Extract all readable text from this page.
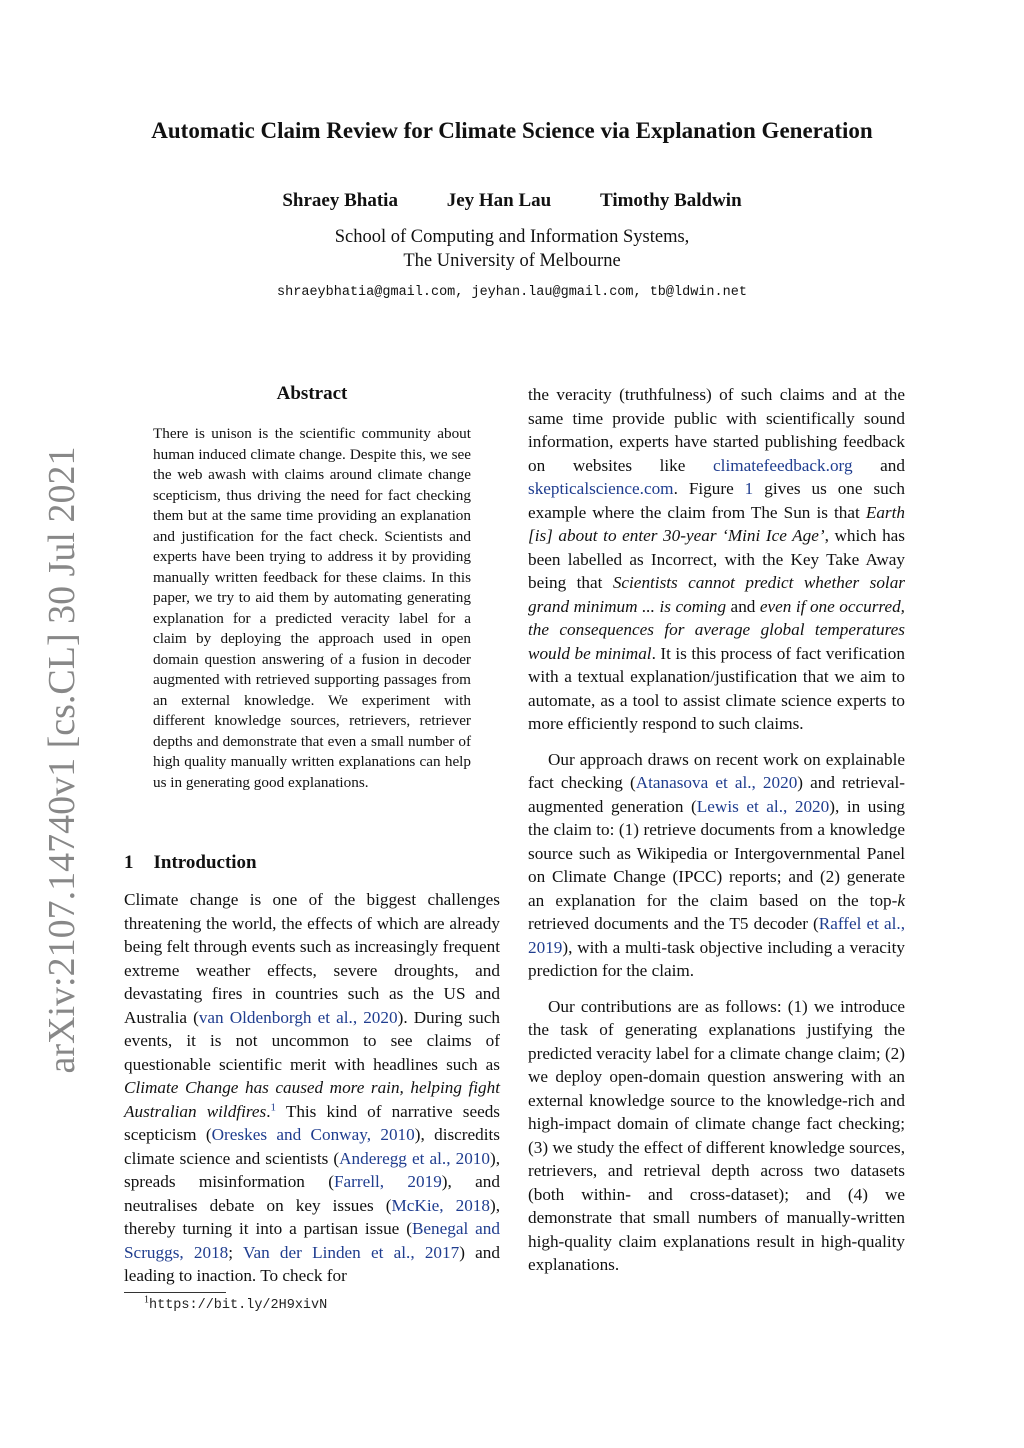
arXiv:2107.14740v1 [cs.CL] 30 Jul 2021
Automatic Claim Review for Climate Science via Explanation Generation
Shraey Bhatia	Jey Han Lau	Timothy Baldwin
School of Computing and Information Systems,
The University of Melbourne
shraeybhatia@gmail.com, jeyhan.lau@gmail.com, tb@ldwin.net
Abstract
There is unison is the scientific community about human induced climate change. Despite this, we see the web awash with claims around climate change scepticism, thus driving the need for fact checking them but at the same time providing an explanation and justification for the fact check. Scientists and experts have been trying to address it by providing manually written feedback for these claims. In this paper, we try to aid them by automating generating explanation for a predicted veracity label for a claim by deploying the approach used in open domain question answering of a fusion in decoder augmented with retrieved supporting passages from an external knowledge. We experiment with different knowledge sources, retrievers, retriever depths and demonstrate that even a small number of high quality manually written explanations can help us in generating good explanations.
1 Introduction
Climate change is one of the biggest challenges threatening the world, the effects of which are already being felt through events such as increasingly frequent extreme weather effects, severe droughts, and devastating fires in countries such as the US and Australia (van Oldenborgh et al., 2020). During such events, it is not uncommon to see claims of questionable scientific merit with headlines such as Climate Change has caused more rain, helping fight Australian wildfires.$^1$ This kind of narrative seeds scepticism (Oreskes and Conway, 2010), discredits climate science and scientists (Anderegg et al., 2010), spreads misinformation (Farrell, 2019), and neutralises debate on key issues (McKie, 2018), thereby turning it into a partisan issue (Benegal and Scruggs, 2018; Van der Linden et al., 2017) and leading to inaction. To check for

the veracity (truthfulness) of such claims and at the same time provide public with scientifically sound information, experts have started publishing feedback on websites like climatefeedback.org and skepticalscience.com. Figure 1 gives us one such example where the claim from The Sun is that Earth [is] about to enter 30-year ‘Mini Ice Age’, which has been labelled as Incorrect, with the Key Take Away being that Scientists cannot predict whether solar grand minimum ... is coming and even if one occurred, the consequences for average global temperatures would be minimal. It is this process of fact verification with a textual explanation/justification that we aim to automate, as a tool to assist climate science experts to more efficiently respond to such claims.

Our approach draws on recent work on explainable fact checking (Atanasova et al., 2020) and retrieval-augmented generation (Lewis et al., 2020), in using the claim to: (1) retrieve documents from a knowledge source such as Wikipedia or Intergovernmental Panel on Climate Change (IPCC) reports; and (2) generate an explanation for the claim based on the top-k retrieved documents and the T5 decoder (Raffel et al., 2019), with a multi-task objective including a veracity prediction for the claim.

Our contributions are as follows: (1) we introduce the task of generating explanations justifying the predicted veracity label for a climate change claim; (2) we deploy open-domain question answering with an external knowledge source to the knowledge-rich and high-impact domain of climate change fact checking; (3) we study the effect of different knowledge sources, retrievers, and retrieval depth across two datasets (both within- and cross-dataset); and (4) we demonstrate that small numbers of manually-written high-quality claim explanations result in high-quality explanations.

$^1$https://bit.ly/2H9xivN
